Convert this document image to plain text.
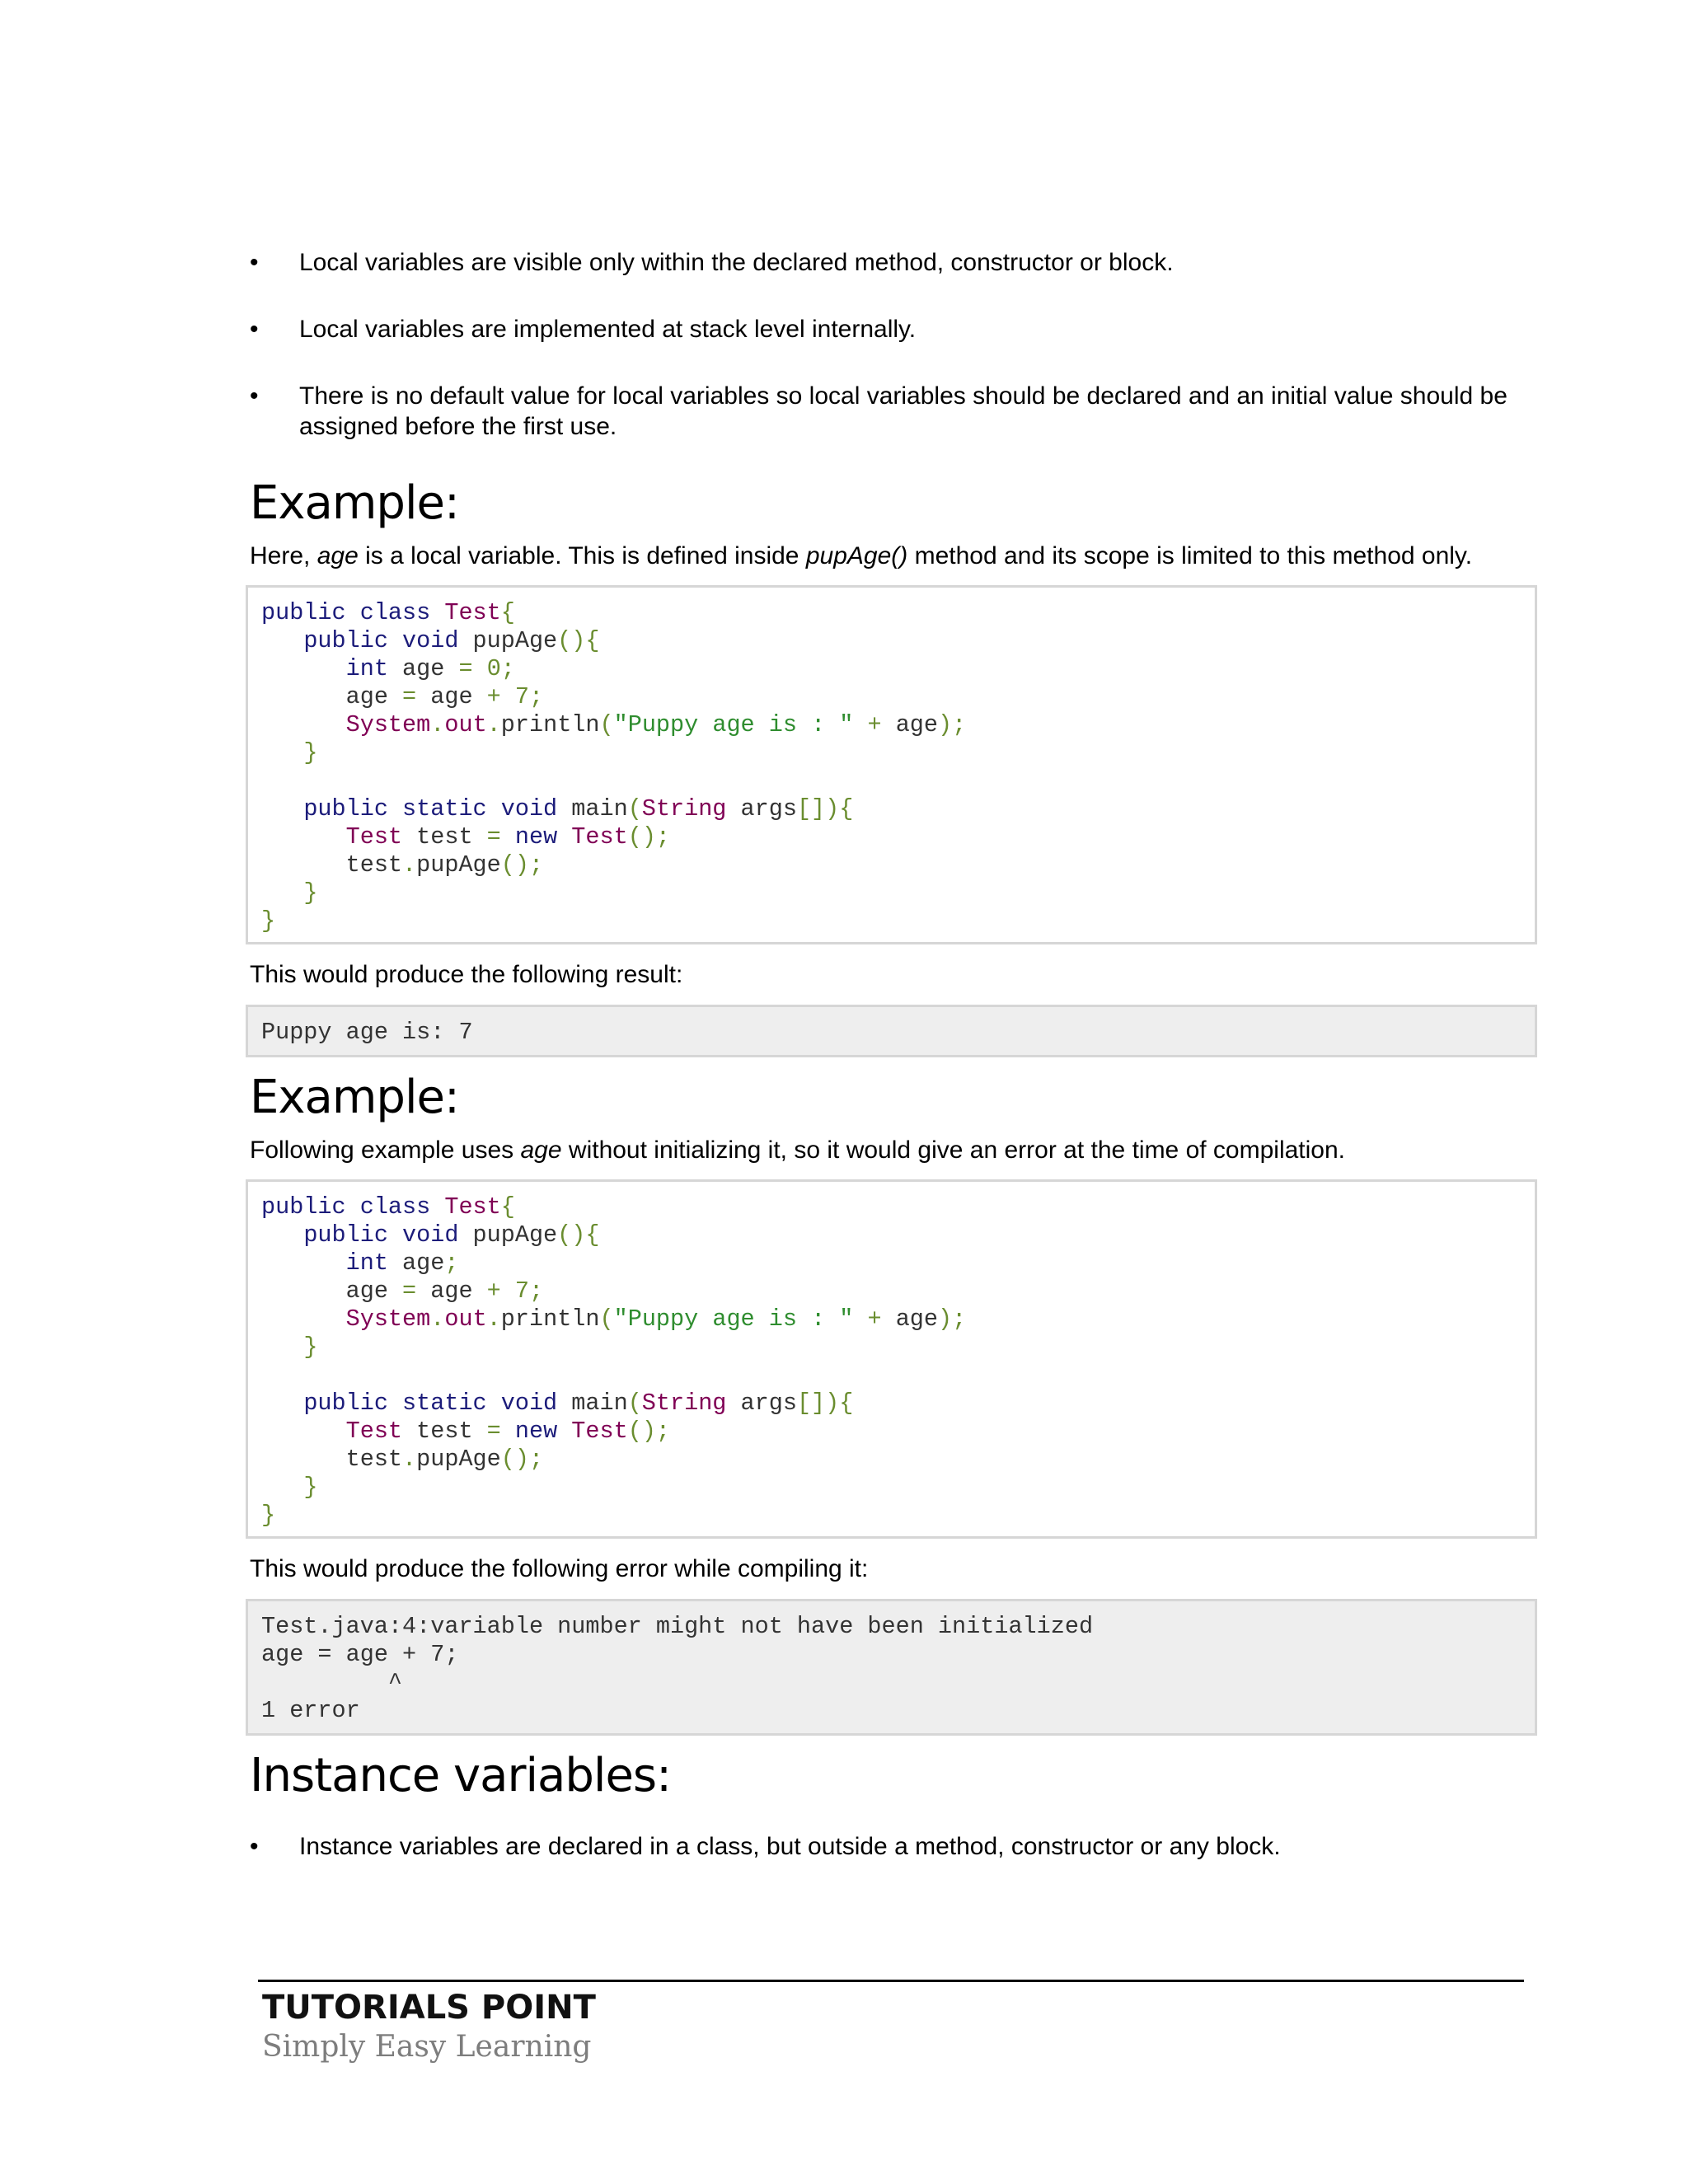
• Local variables are visible only within the declared method, constructor or block.
• Local variables are implemented at stack level internally.
• There is no default value for local variables so local variables should be declared and an initial value should be assigned before the first use.
Example:

Here, age is a local variable. This is defined inside pupAge() method and its scope is limited to this method only.

public class Test{
public void pupAge(){
int age = 0;
age = age + 7;
System.out.println("Puppy age is : " + age);
}
public static void main(String args[]){
Test test = new Test();
test.pupAge();
}
}

This would produce the following result:

Puppy age is: 7
Example:

Following example uses age without initializing it, so it would give an error at the time of compilation.

public class Test{
public void pupAge(){
int age;
age = age + 7;
System.out.println("Puppy age is : " + age);
}
public static void main(String args[]){
Test test = new Test();
test.pupAge();
}
}

This would produce the following error while compiling it:

Test.java:4:variable number might not have been initialized
age = age + 7;
^
1 error
Instance variables:
• Instance variables are declared in a class, but outside a method, constructor or any block.
TUTORIALS POINT
Simply Easy Learning
